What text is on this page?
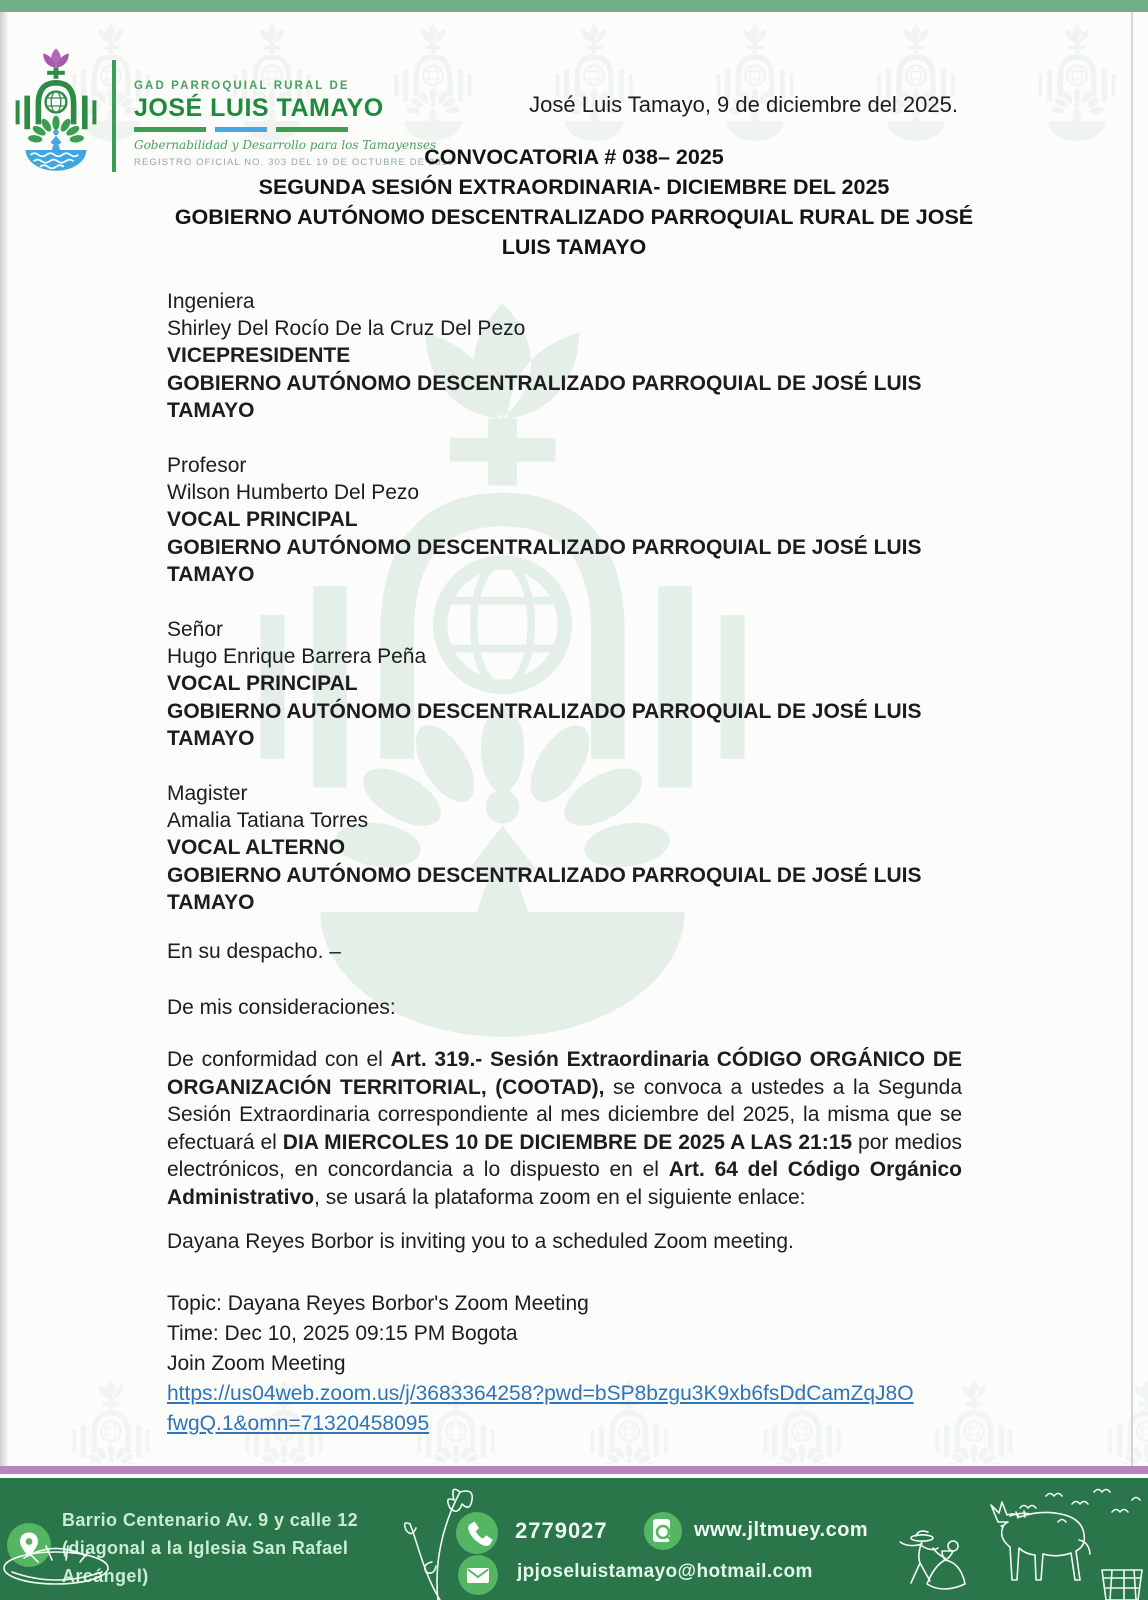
GAD PARROQUIAL RURAL DE
JOSÉ LUIS TAMAYO
Gobernabilidad y Desarrollo para los Tamayenses
REGISTRO OFICIAL NO. 303 DEL 19 DE OCTUBRE DE 2010
José Luis Tamayo, 9 de diciembre del 2025.
CONVOCATORIA # 038– 2025
SEGUNDA SESIÓN EXTRAORDINARIA- DICIEMBRE DEL 2025
GOBIERNO AUTÓNOMO DESCENTRALIZADO PARROQUIAL RURAL DE JOSÉ LUIS TAMAYO
Ingeniera
Shirley Del Rocío De la Cruz Del Pezo
VICEPRESIDENTE
GOBIERNO AUTÓNOMO DESCENTRALIZADO PARROQUIAL DE JOSÉ LUIS
TAMAYO
Profesor
Wilson Humberto Del Pezo
VOCAL PRINCIPAL
GOBIERNO AUTÓNOMO DESCENTRALIZADO PARROQUIAL DE JOSÉ LUIS
TAMAYO
Señor
Hugo Enrique Barrera Peña
VOCAL PRINCIPAL
GOBIERNO AUTÓNOMO DESCENTRALIZADO PARROQUIAL DE JOSÉ LUIS
TAMAYO
Magister
Amalia Tatiana Torres
VOCAL ALTERNO
GOBIERNO AUTÓNOMO DESCENTRALIZADO PARROQUIAL DE JOSÉ LUIS
TAMAYO
En su despacho. –
De mis consideraciones:

De conformidad con el Art. 319.- Sesión Extraordinaria CÓDIGO ORGÁNICO DE ORGANIZACIÓN TERRITORIAL, (COOTAD), se convoca a ustedes a la Segunda Sesión Extraordinaria correspondiente al mes diciembre del 2025, la misma que se efectuará el DIA MIERCOLES 10 DE DICIEMBRE DE 2025 A LAS 21:15 por medios electrónicos, en concordancia a lo dispuesto en el Art. 64 del Código Orgánico Administrativo, se usará la plataforma zoom en el siguiente enlace:

Dayana Reyes Borbor is inviting you to a scheduled Zoom meeting.
Topic: Dayana Reyes Borbor's Zoom Meeting
Time: Dec 10, 2025 09:15 PM Bogota
Join Zoom Meeting
https://us04web.zoom.us/j/3683364258?pwd=bSP8bzgu3K9xb6fsDdCamZqJ8O
fwgQ.1&omn=71320458095
Barrio Centenario Av. 9 y calle 12
(diagonal a la Iglesia San Rafael
Arcángel)
2779027	www.jltmuey.com
jpjoseluistamayo@hotmail.com
